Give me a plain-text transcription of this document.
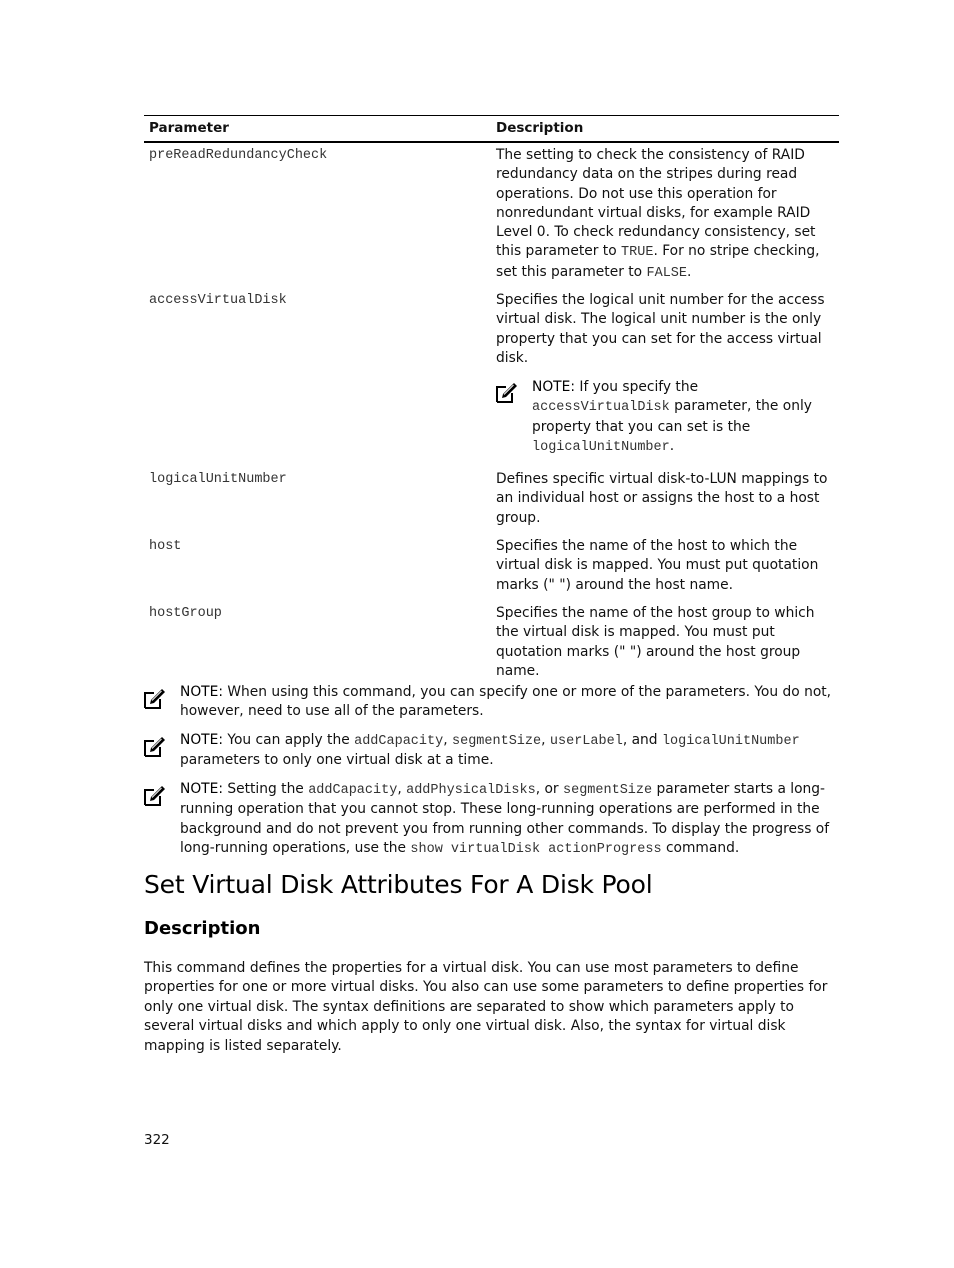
Parameter	Description
preReadRedundancyCheck	The setting to check the consistency of RAID redundancy data on the stripes during read operations. Do not use this operation for nonredundant virtual disks, for example RAID Level 0. To check redundancy consistency, set this parameter to TRUE. For no stripe checking, set this parameter to FALSE.

accessVirtualDisk	Specifies the logical unit number for the access virtual disk. The logical unit number is the only property that you can set for the access virtual disk.

NOTE: If you specify the accessVirtualDisk parameter, the only property that you can set is the logicalUnitNumber.
logicalUnitNumber	Defines specific virtual disk-to-LUN mappings to an individual host or assigns the host to a host group.

host	Specifies the name of the host to which the virtual disk is mapped. You must put quotation marks (" ") around the host name.

hostGroup	Specifies the name of the host group to which the virtual disk is mapped. You must put quotation marks (" ") around the host group name.

NOTE: When using this command, you can specify one or more of the parameters. You do not, however, need to use all of the parameters.
NOTE: You can apply the addCapacity, segmentSize, userLabel, and logicalUnitNumber parameters to only one virtual disk at a time.
NOTE: Setting the addCapacity, addPhysicalDisks, or segmentSize parameter starts a long-running operation that you cannot stop. These long-running operations are performed in the background and do not prevent you from running other commands. To display the progress of long-running operations, use the show virtualDisk actionProgress command.
Set Virtual Disk Attributes For A Disk Pool
Description

This command defines the properties for a virtual disk. You can use most parameters to define properties for one or more virtual disks. You also can use some parameters to define properties for only one virtual disk. The syntax definitions are separated to show which parameters apply to several virtual disks and which apply to only one virtual disk. Also, the syntax for virtual disk mapping is listed separately.

322
